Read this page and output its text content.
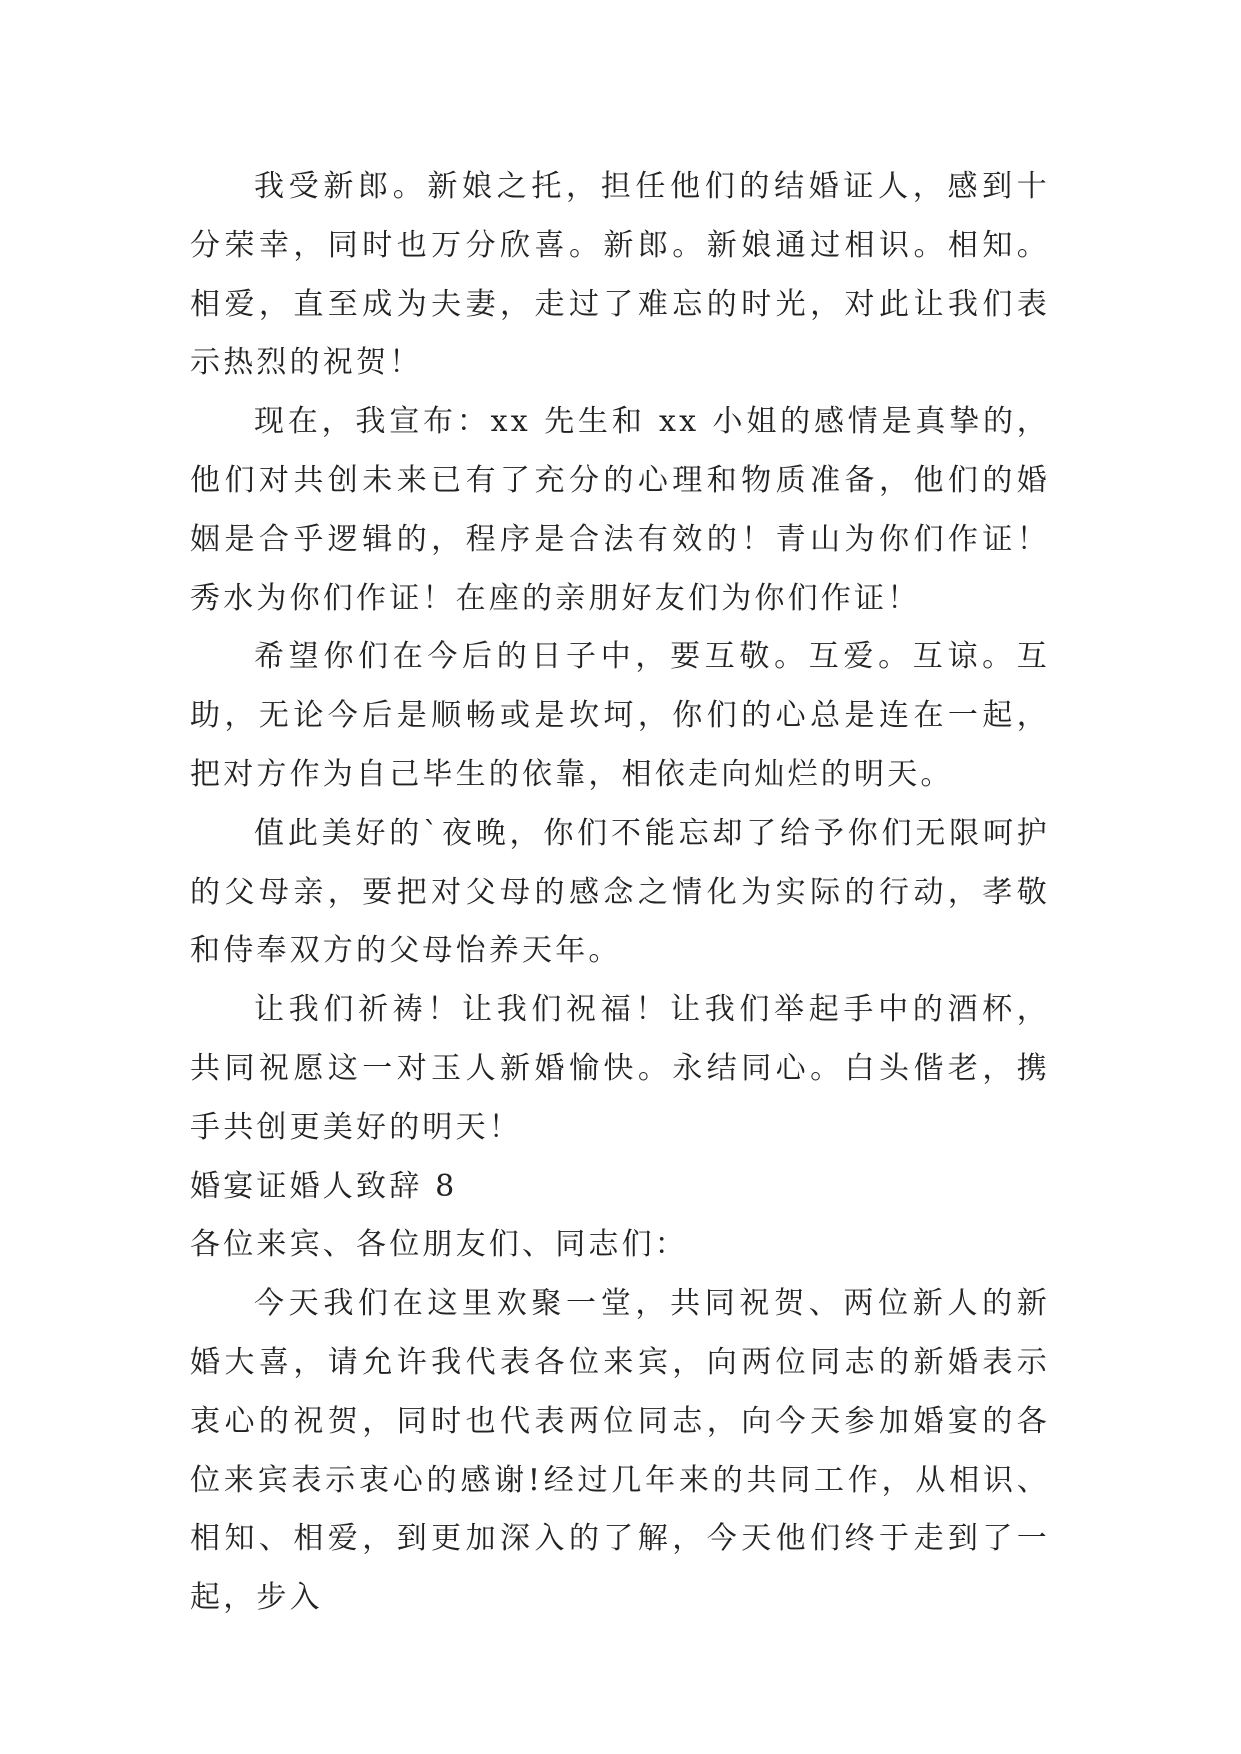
我受新郎。新娘之托，担任他们的结婚证人，感到十分荣幸，同时也万分欣喜。新郎。新娘通过相识。相知。相爱，直至成为夫妻，走过了难忘的时光，对此让我们表示热烈的祝贺！

现在，我宣布：xx 先生和 xx 小姐的感情是真挚的，他们对共创未来已有了充分的心理和物质准备，他们的婚姻是合乎逻辑的，程序是合法有效的！青山为你们作证！秀水为你们作证！在座的亲朋好友们为你们作证！

希望你们在今后的日子中，要互敬。互爱。互谅。互助，无论今后是顺畅或是坎坷，你们的心总是连在一起，把对方作为自己毕生的依靠，相依走向灿烂的明天。

值此美好的`夜晚，你们不能忘却了给予你们无限呵护的父母亲，要把对父母的感念之情化为实际的行动，孝敬和侍奉双方的父母怡养天年。

让我们祈祷！让我们祝福！让我们举起手中的酒杯，共同祝愿这一对玉人新婚愉快。永结同心。白头偕老，携手共创更美好的明天！

婚宴证婚人致辞 8

各位来宾、各位朋友们、同志们：

今天我们在这里欢聚一堂，共同祝贺、两位新人的新婚大喜，请允许我代表各位来宾，向两位同志的新婚表示衷心的祝贺，同时也代表两位同志，向今天参加婚宴的各位来宾表示衷心的感谢!经过几年来的共同工作，从相识、相知、相爱，到更加深入的了解，今天他们终于走到了一起，步入
